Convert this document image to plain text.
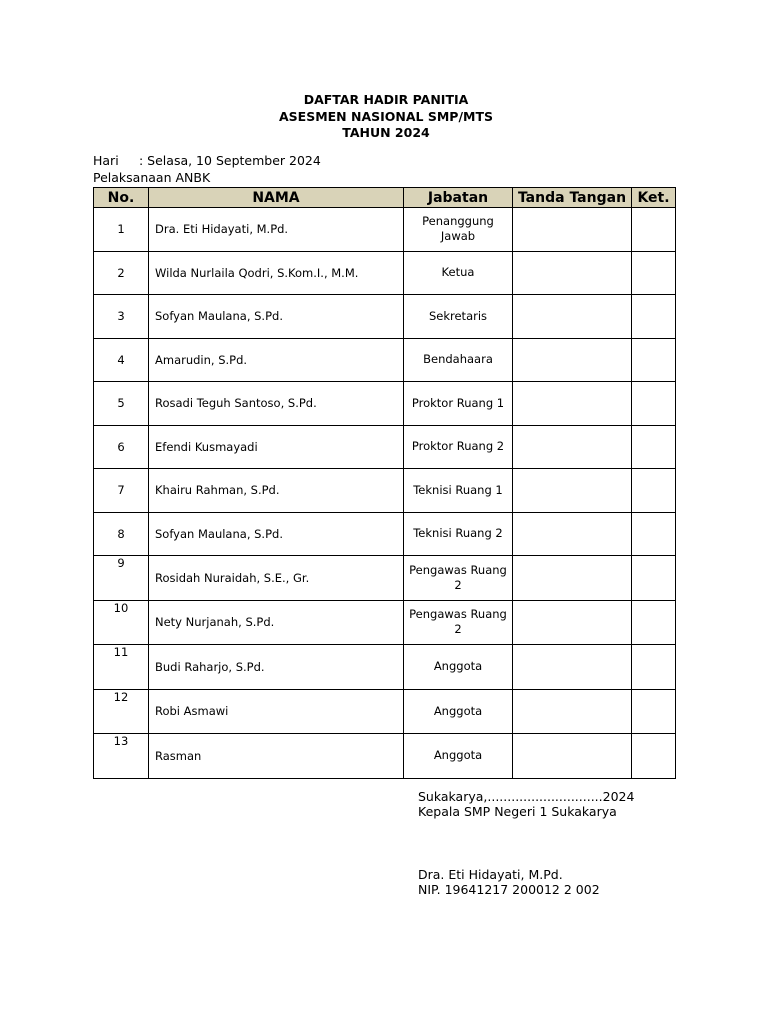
DAFTAR HADIR PANITIA
ASESMEN NASIONAL SMP/MTS
TAHUN 2024
Hari : Selasa, 10 September 2024
Pelaksanaan ANBK
No.	NAMA	Jabatan	Tanda Tangan	Ket.
1	Dra. Eti Hidayati, M.Pd.	Penanggung Jawab		
2	Wilda Nurlaila Qodri, S.Kom.I., M.M.	Ketua		
3	Sofyan Maulana, S.Pd.	Sekretaris		
4	Amarudin, S.Pd.	Bendahaara		
5	Rosadi Teguh Santoso, S.Pd.	Proktor Ruang 1		
6	Efendi Kusmayadi	Proktor Ruang 2		
7	Khairu Rahman, S.Pd.	Teknisi Ruang 1		
8	Sofyan Maulana, S.Pd.	Teknisi Ruang 2		
9	Rosidah Nuraidah, S.E., Gr.	Pengawas Ruang 2		
10	Nety Nurjanah, S.Pd.	Pengawas Ruang 2		
11	Budi Raharjo, S.Pd.	Anggota		
12	Robi Asmawi	Anggota		
13	Rasman	Anggota		
Sukakarya,.............................2024
Kepala SMP Negeri 1 Sukakarya
Dra. Eti Hidayati, M.Pd.
NIP. 19641217 200012 2 002
